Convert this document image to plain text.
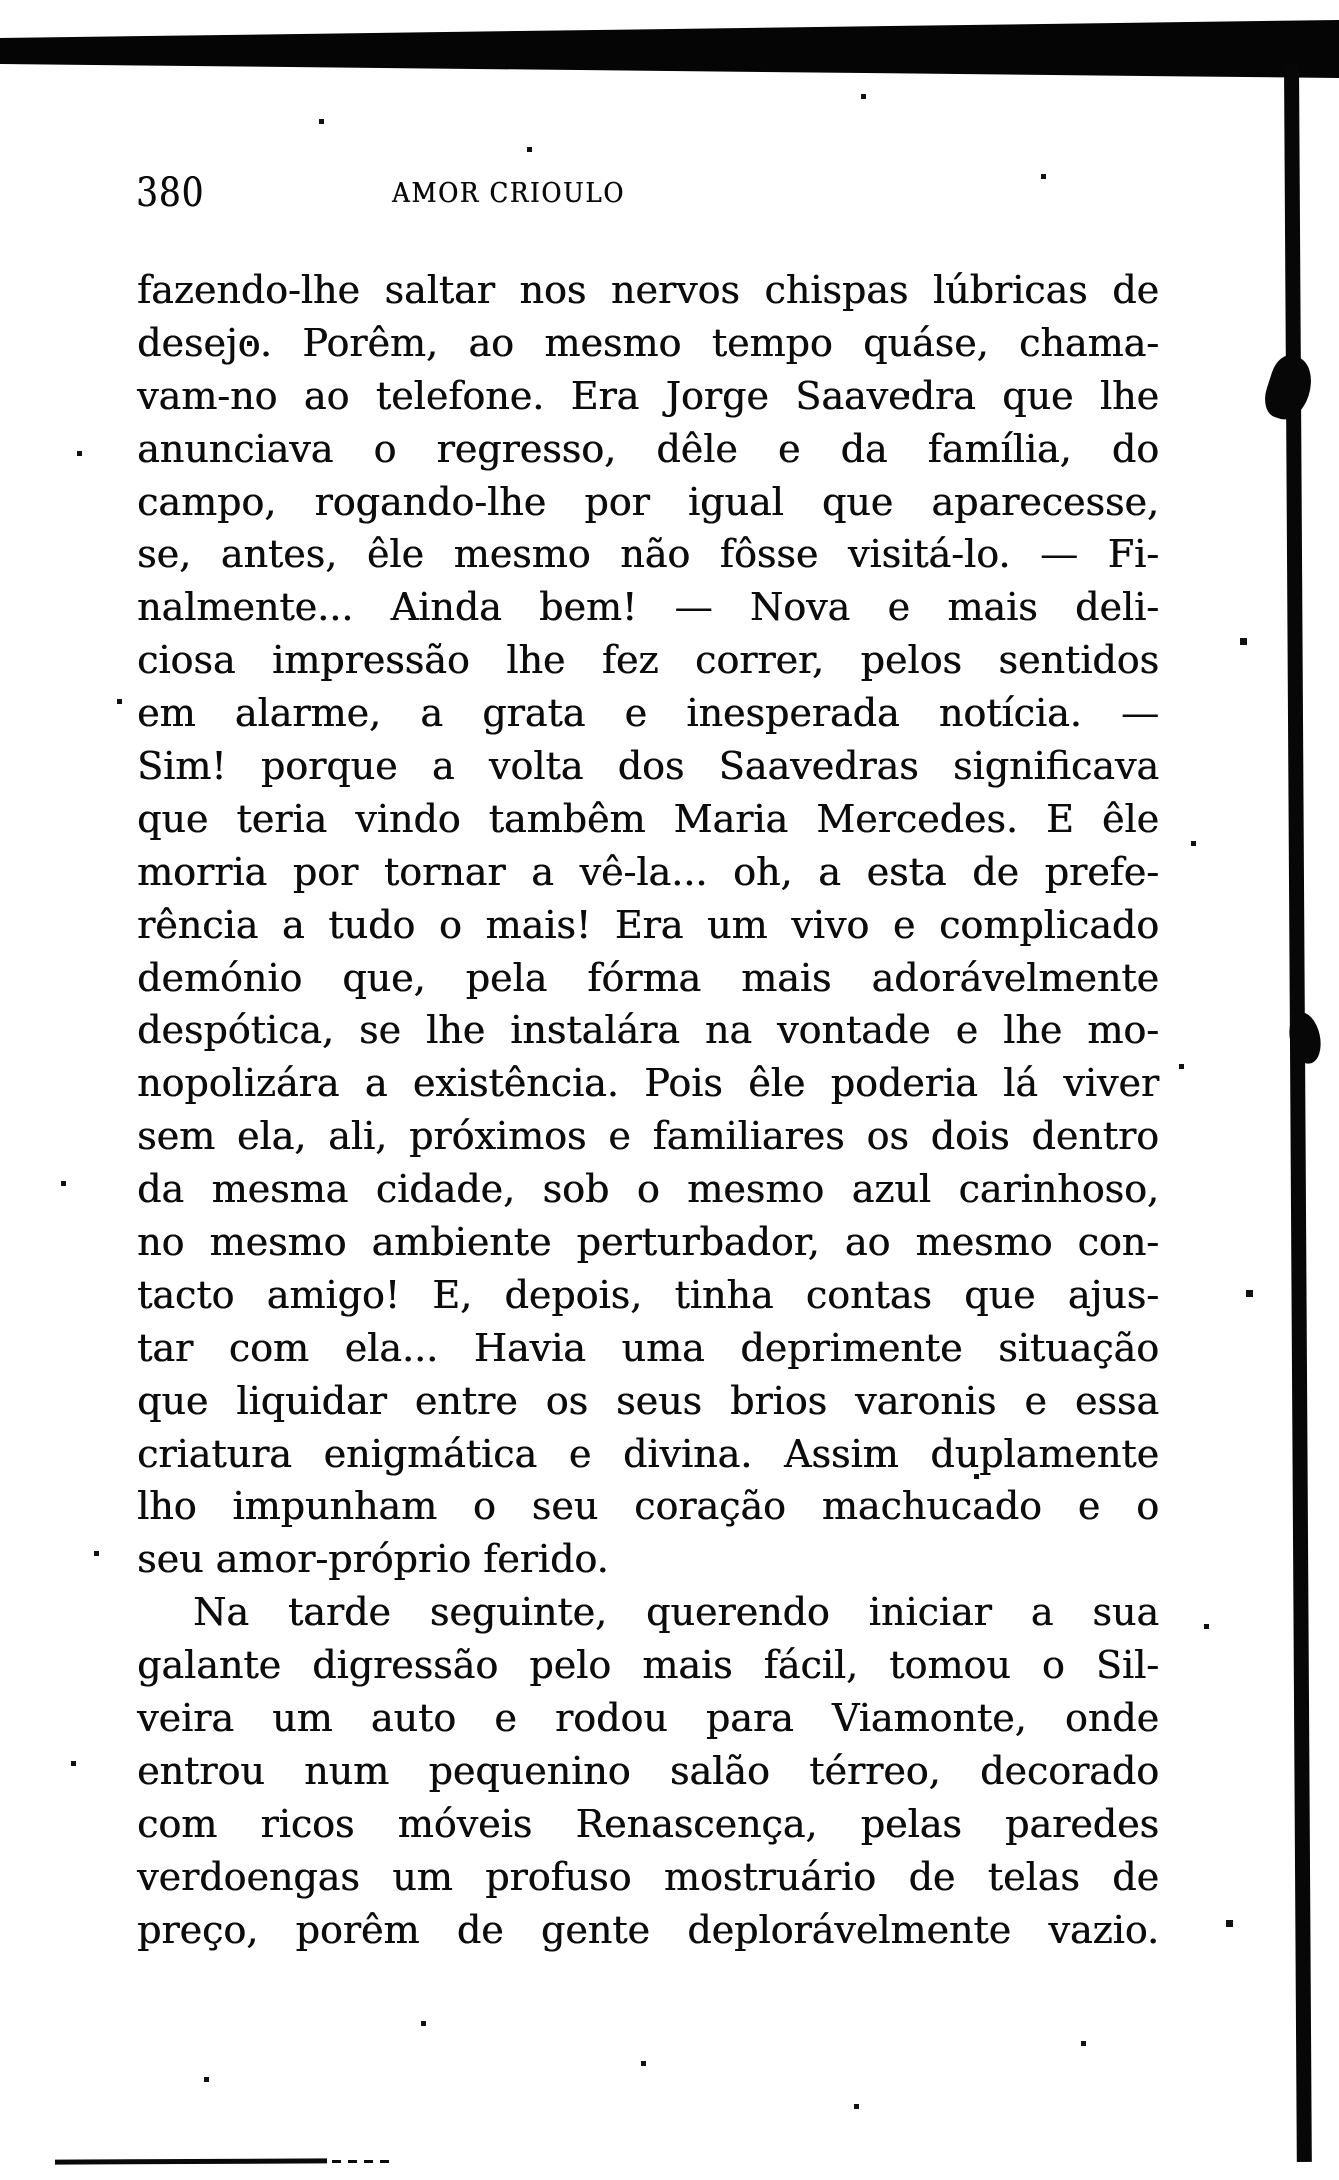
380	AMOR CRIOULO
fazendo-lhe saltar nos nervos chispas lúbricas de
desejo. Porêm, ao mesmo tempo quáse, chama-
vam-no ao telefone. Era Jorge Saavedra que lhe
anunciava o regresso, dêle e da família, do
campo, rogando-lhe por igual que aparecesse,
se, antes, êle mesmo não fôsse visitá-lo. — Fi-
nalmente... Ainda bem! — Nova e mais deli-
ciosa impressão lhe fez correr, pelos sentidos
em alarme, a grata e inesperada notícia. —
Sim! porque a volta dos Saavedras significava
que teria vindo tambêm Maria Mercedes. E êle
morria por tornar a vê-la... oh, a esta de prefe-
rência a tudo o mais! Era um vivo e complicado
demónio que, pela fórma mais adorávelmente
despótica, se lhe instalára na vontade e lhe mo-
nopolizára a existência. Pois êle poderia lá viver
sem ela, ali, próximos e familiares os dois dentro
da mesma cidade, sob o mesmo azul carinhoso,
no mesmo ambiente perturbador, ao mesmo con-
tacto amigo! E, depois, tinha contas que ajus-
tar com ela... Havia uma deprimente situação
que liquidar entre os seus brios varonis e essa
criatura enigmática e divina. Assim duplamente
lho impunham o seu coração machucado e o
seu amor-próprio ferido.
Na tarde seguinte, querendo iniciar a sua
galante digressão pelo mais fácil, tomou o Sil-
veira um auto e rodou para Viamonte, onde
entrou num pequenino salão térreo, decorado
com ricos móveis Renascença, pelas paredes
verdoengas um profuso mostruário de telas de
preço, porêm de gente deplorávelmente vazio.
